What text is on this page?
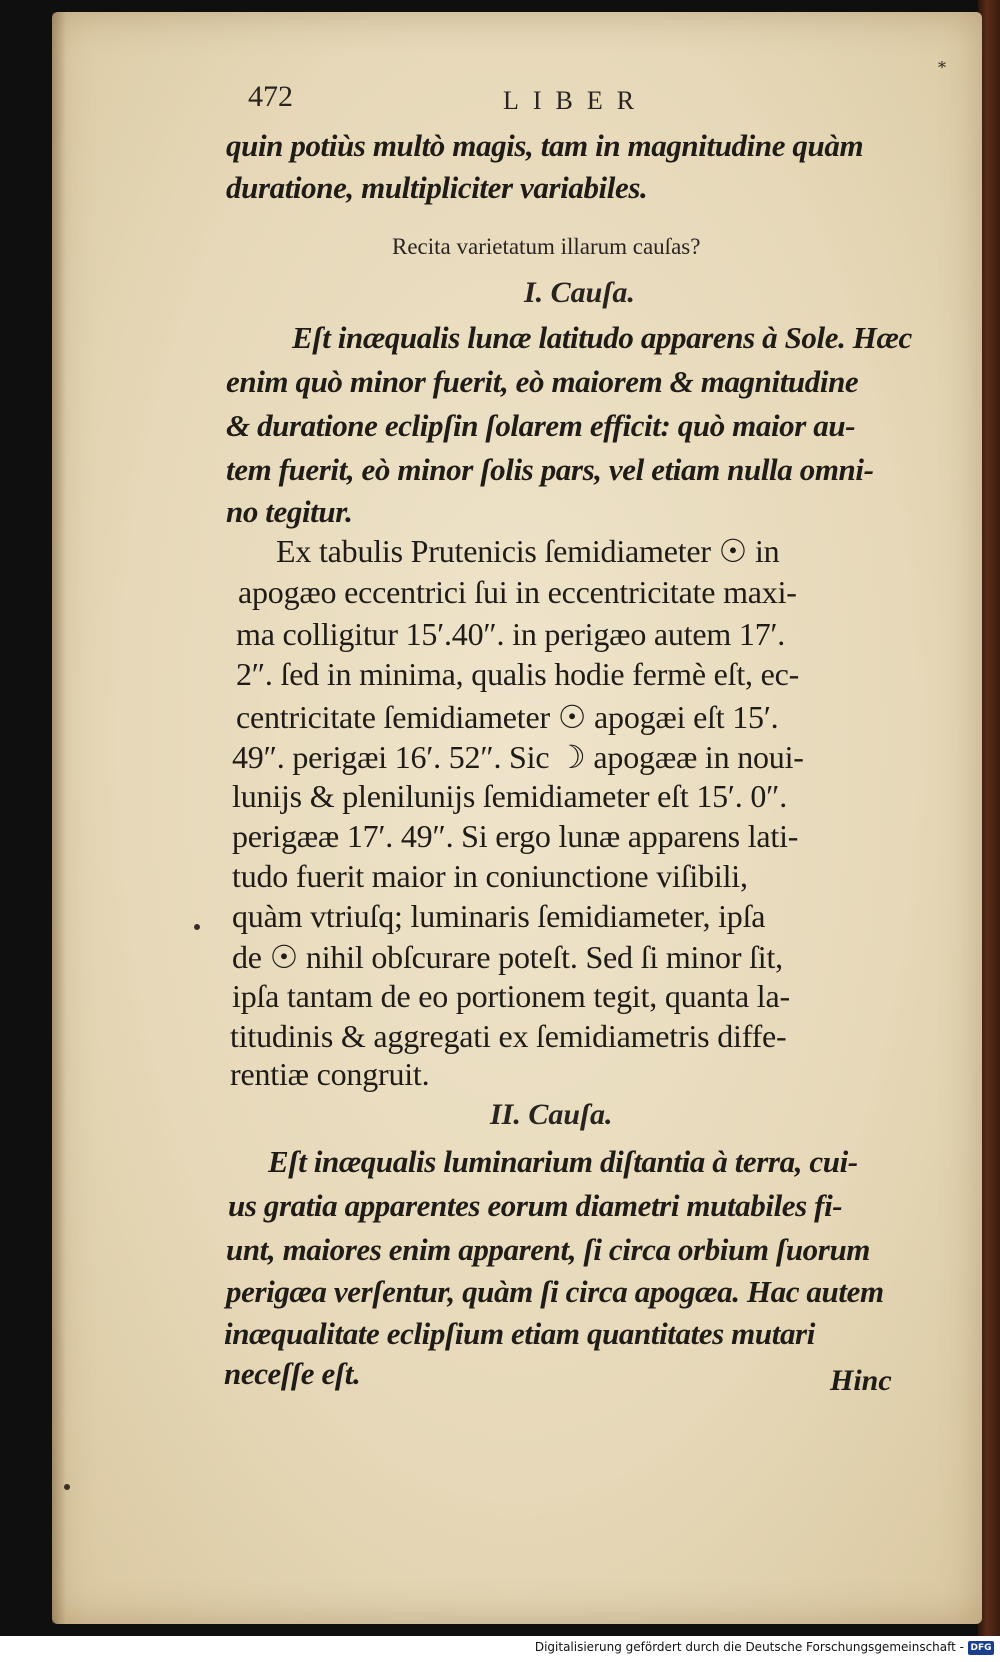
472	LIBER
*

quin potiùs multò magis, tam in magnitudine quàm

duratione, multipliciter variabiles.

Recita varietatum illarum cauſas?

I. Cauſa.

Eſt inæqualis lunæ latitudo apparens à Sole. Hæc

enim quò minor fuerit, eò maiorem & magnitudine

& duratione eclipſin ſolarem efficit: quò maior au-

tem fuerit, eò minor ſolis pars, vel etiam nulla omni-

no tegitur.

Ex tabulis Prutenicis ſemidiameter ☉ in

apogæo eccentrici ſui in eccentricitate maxi-

ma colligitur 15′.40″. in perigæo autem 17′.

2″. ſed in minima, qualis hodie fermè eſt, ec-

centricitate ſemidiameter ☉ apogæi eſt 15′.

49″. perigæi 16′. 52″. Sic ☽ apogææ in noui-

luniјs & pleniluniјs ſemidiameter eſt 15′. 0″.

perigææ 17′. 49″. Si ergo lunæ apparens lati-

tudo fuerit maior in coniunctione viſibili,

quàm vtriuſq; luminaris ſemidiameter, ipſa

de ☉ nihil obſcurare poteſt. Sed ſi minor ſit,

ipſa tantam de eo portionem tegit, quanta la-

titudinis & aggregati ex ſemidiametris diffe-

rentiæ congruit.

II. Cauſa.

Eſt inæqualis luminarium diſtantia à terra, cui-

us gratia apparentes eorum diametri mutabiles fi-

unt, maiores enim apparent, ſi circa orbium ſuorum

perigæa verſentur, quàm ſi circa apogæa. Hac autem

inæqualitate eclipſium etiam quantitates mutari

neceſſe eſt.	Hinc
Digitalisierung gefördert durch die Deutsche Forschungsgemeinschaft - DFG
